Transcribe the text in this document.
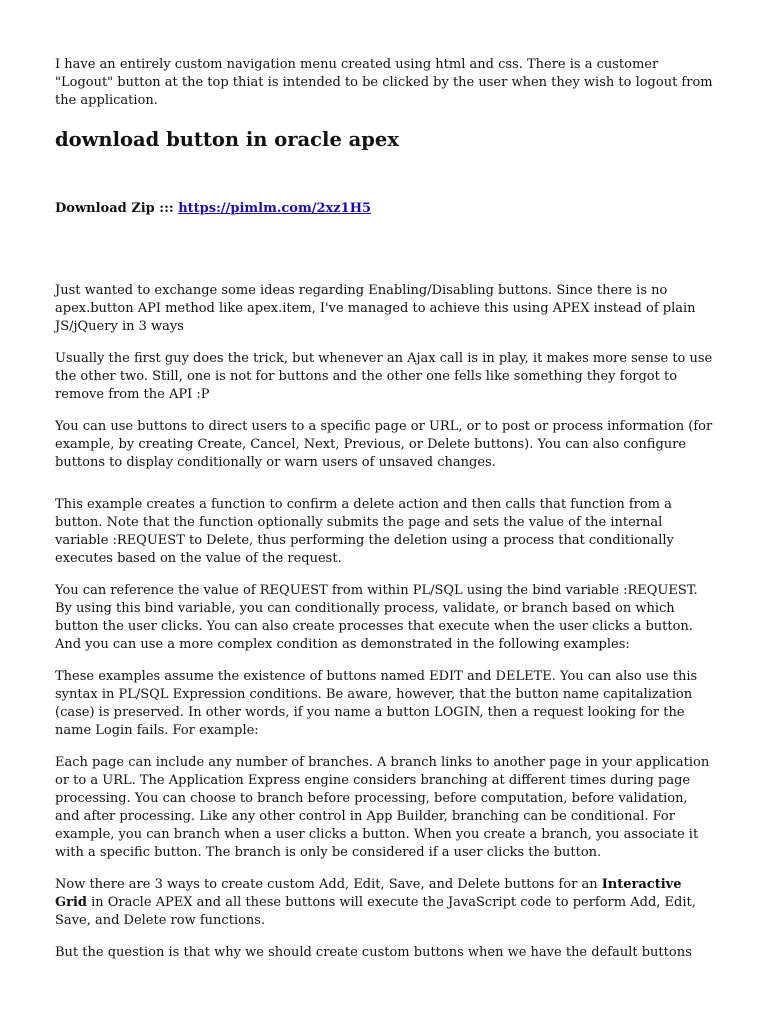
I have an entirely custom navigation menu created using html and css. There is a customer "Logout" button at the top thiat is intended to be clicked by the user when they wish to logout from the application.

download button in oracle apex
Download Zip ::: https://pimlm.com/2xz1H5

Just wanted to exchange some ideas regarding Enabling/Disabling buttons. Since there is no apex.button API method like apex.item, I've managed to achieve this using APEX instead of plain JS/jQuery in 3 ways

Usually the first guy does the trick, but whenever an Ajax call is in play, it makes more sense to use the other two. Still, one is not for buttons and the other one fells like something they forgot to remove from the API :P

You can use buttons to direct users to a specific page or URL, or to post or process information (for example, by creating Create, Cancel, Next, Previous, or Delete buttons). You can also configure buttons to display conditionally or warn users of unsaved changes.

This example creates a function to confirm a delete action and then calls that function from a button. Note that the function optionally submits the page and sets the value of the internal variable :REQUEST to Delete, thus performing the deletion using a process that conditionally executes based on the value of the request.

You can reference the value of REQUEST from within PL/SQL using the bind variable :REQUEST. By using this bind variable, you can conditionally process, validate, or branch based on which button the user clicks. You can also create processes that execute when the user clicks a button. And you can use a more complex condition as demonstrated in the following examples:

These examples assume the existence of buttons named EDIT and DELETE. You can also use this syntax in PL/SQL Expression conditions. Be aware, however, that the button name capitalization (case) is preserved. In other words, if you name a button LOGIN, then a request looking for the name Login fails. For example:

Each page can include any number of branches. A branch links to another page in your application or to a URL. The Application Express engine considers branching at different times during page processing. You can choose to branch before processing, before computation, before validation, and after processing. Like any other control in App Builder, branching can be conditional. For example, you can branch when a user clicks a button. When you create a branch, you associate it with a specific button. The branch is only be considered if a user clicks the button.

Now there are 3 ways to create custom Add, Edit, Save, and Delete buttons for an Interactive Grid in Oracle APEX and all these buttons will execute the JavaScript code to perform Add, Edit, Save, and Delete row functions.

But the question is that why we should create custom buttons when we have the default buttons
